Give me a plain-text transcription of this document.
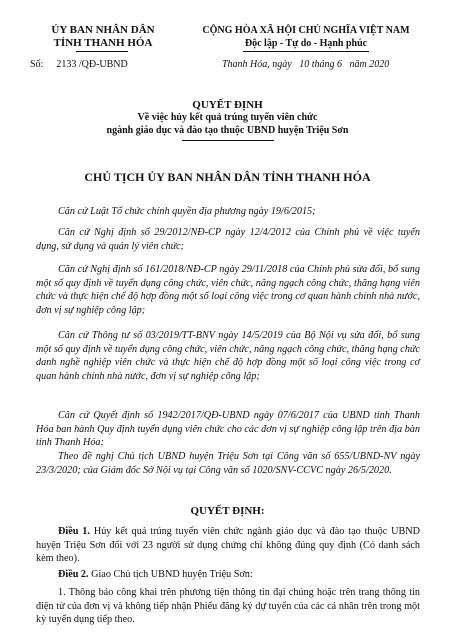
ỦY BAN NHÂN DÂN
TỈNH THANH HÓA
Số: 2133 /QĐ-UBND
CỘNG HÒA XÃ HỘI CHỦ NGHĨA VIỆT NAM
Độc lập - Tự do - Hạnh phúc
Thanh Hóa, ngày   10 tháng 6   năm 2020
QUYẾT ĐỊNH
Về việc hủy kết quả trúng tuyển viên chức
ngành giáo dục và đào tạo thuộc UBND huyện Triệu Sơn
CHỦ TỊCH ỦY BAN NHÂN DÂN TỈNH THANH HÓA
Căn cứ Luật Tổ chức chính quyền địa phương ngày 19/6/2015;
Căn cứ Nghị định số 29/2012/NĐ-CP ngày 12/4/2012 của Chính phủ về việc tuyển dụng, sử dụng và quản lý viên chức;
Căn cứ Nghị định số 161/2018/NĐ-CP ngày 29/11/2018 của Chính phủ sửa đổi, bổ sung một số quy định về tuyển dụng công chức, viên chức, nâng ngạch công chức, thăng hạng viên chức và thực hiện chế độ hợp đồng một số loại công việc trong cơ quan hành chính nhà nước, đơn vị sự nghiệp công lập;
Căn cứ Thông tư số 03/2019/TT-BNV ngày 14/5/2019 của Bộ Nội vụ sửa đổi, bổ sung một số quy định về tuyển dụng công chức, viên chức, nâng ngạch công chức, thăng hạng chức danh nghề nghiệp viên chức và thực hiện chế độ hợp đồng một số loại công việc trong cơ quan hành chính nhà nước, đơn vị sự nghiệp công lập;
Căn cứ Quyết định số 1942/2017/QĐ-UBND ngày 07/6/2017 của UBND tỉnh Thanh Hóa ban hành Quy định tuyển dụng viên chức cho các đơn vị sự nghiệp công lập trên địa bàn tỉnh Thanh Hóa;
Theo đề nghị Chủ tịch UBND huyện Triệu Sơn tại Công văn số 655/UBND-NV ngày 23/3/2020; của Giám đốc Sở Nội vụ tại Công văn số 1020/SNV-CCVC ngày 26/5/2020.
QUYẾT ĐỊNH:
Điều 1. Hủy kết quả trúng tuyển viên chức ngành giáo dục và đào tạo thuộc UBND huyện Triệu Sơn đối với 23 người sử dụng chứng chỉ không đúng quy định (Có danh sách kèm theo).
Điều 2. Giao Chủ tịch UBND huyện Triệu Sơn:
1. Thông báo công khai trên phương tiện thông tin đại chúng hoặc trên trang thông tin điện tử của đơn vị và không tiếp nhận Phiếu đăng ký dự tuyển của các cá nhân trên trong một kỳ tuyển dụng tiếp theo.
